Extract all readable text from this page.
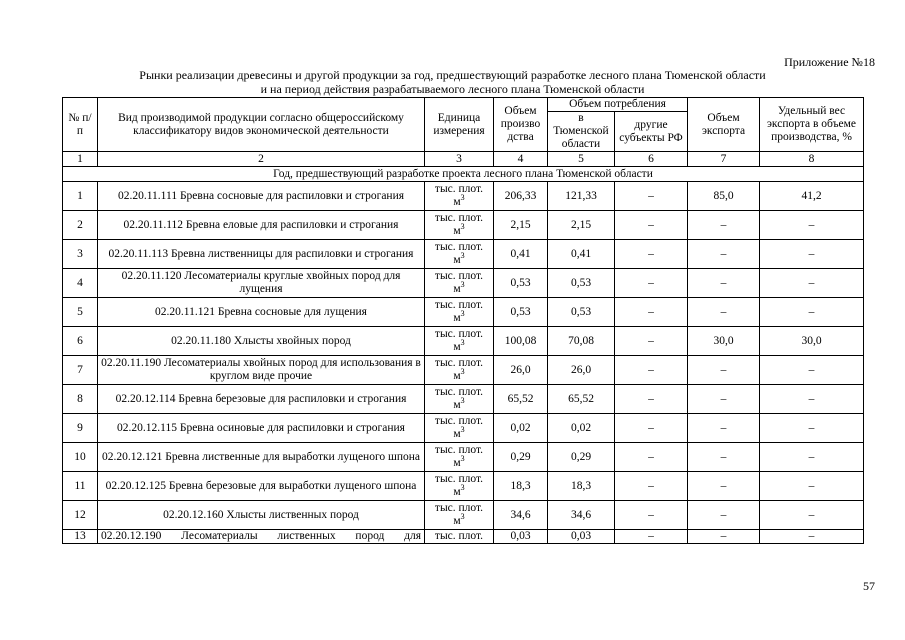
Приложение №18
Рынки реализации древесины и другой продукции за год, предшествующий разработке лесного плана Тюменской области
и на период действия разрабатываемого лесного плана Тюменской области
№ п/п	Вид производимой продукции согласно общероссийскому классификатору видов экономической деятельности	Единица измерения	Объем произво дства	Объем потребления		Объем экспорта	Удельный вес экспорта в объеме производства, %
				в Тюменской области	другие субъекты РФ		
1	2	3	4	5	6	7	8
Год, предшествующий разработке проекта лесного плана Тюменской области							
1	02.20.11.111 Бревна сосновые для распиловки и строгания	тыс. плот. $м^3$	206,33	121,33	–	85,0	41,2
2	02.20.11.112 Бревна еловые для распиловки и строгания	тыс. плот. $м^3$	2,15	2,15	–	–	–
3	02.20.11.113 Бревна лиственницы для распиловки и строгания	тыс. плот. $м^3$	0,41	0,41	–	–	–
4	02.20.11.120 Лесоматериалы круглые хвойных пород для лущения	тыс. плот. $м^3$	0,53	0,53	–	–	–
5	02.20.11.121 Бревна сосновые для лущения	тыс. плот. $м^3$	0,53	0,53	–	–	–
6	02.20.11.180 Хлысты хвойных пород	тыс. плот. $м^3$	100,08	70,08	–	30,0	30,0
7	02.20.11.190 Лесоматериалы хвойных пород для использования в круглом виде прочие	тыс. плот. $м^3$	26,0	26,0	–	–	–
8	02.20.12.114 Бревна березовые для распиловки и строгания	тыс. плот. $м^3$	65,52	65,52	–	–	–
9	02.20.12.115 Бревна осиновые для распиловки и строгания	тыс. плот. $м^3$	0,02	0,02	–	–	–
10	02.20.12.121 Бревна лиственные для выработки лущеного шпона	тыс. плот. $м^3$	0,29	0,29	–	–	–
11	02.20.12.125 Бревна березовые для выработки лущеного шпона	тыс. плот. $м^3$	18,3	18,3	–	–	–
12	02.20.12.160 Хлысты лиственных пород	тыс. плот. $м^3$	34,6	34,6	–	–	–
13	02.20.12.190 Лесоматериалы лиственных пород для	тыс. плот.	0,03	0,03	–	–	–
57
